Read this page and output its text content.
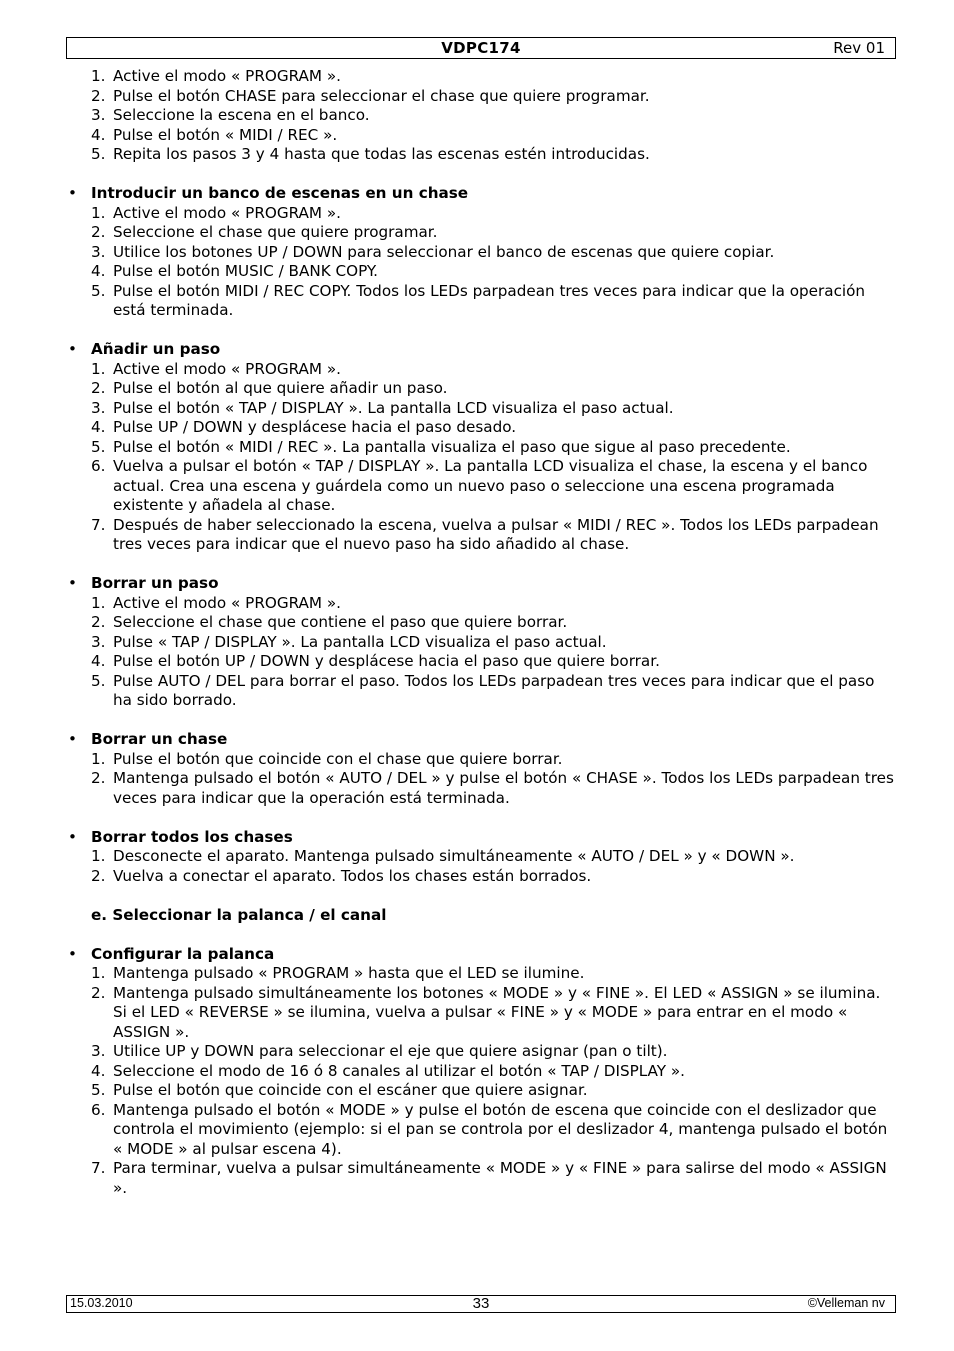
VDPC174	Rev 01
1. Active el modo « PROGRAM ».
2. Pulse el botón CHASE para seleccionar el chase que quiere programar.
3. Seleccione la escena en el banco.
4. Pulse el botón « MIDI / REC ».
5. Repita los pasos 3 y 4 hasta que todas las escenas estén introducidas.
• Introducir un banco de escenas en un chase
1. Active el modo « PROGRAM ».
2. Seleccione el chase que quiere programar.
3. Utilice los botones UP / DOWN para seleccionar el banco de escenas que quiere copiar.
4. Pulse el botón MUSIC / BANK COPY.
5. Pulse el botón MIDI / REC COPY. Todos los LEDs parpadean tres veces para indicar que la operación está terminada.
• Añadir un paso
1. Active el modo « PROGRAM ».
2. Pulse el botón al que quiere añadir un paso.
3. Pulse el botón « TAP / DISPLAY ». La pantalla LCD visualiza el paso actual.
4. Pulse UP / DOWN y desplácese hacia el paso desado.
5. Pulse el botón « MIDI / REC ». La pantalla visualiza el paso que sigue al paso precedente.
6. Vuelva a pulsar el botón « TAP / DISPLAY ». La pantalla LCD visualiza el chase, la escena y el banco actual. Crea una escena y guárdela como un nuevo paso o seleccione una escena programada existente y añadela al chase.
7. Después de haber seleccionado la escena, vuelva a pulsar « MIDI / REC ». Todos los LEDs parpadean tres veces para indicar que el nuevo paso ha sido añadido al chase.
• Borrar un paso
1. Active el modo « PROGRAM ».
2. Seleccione el chase que contiene el paso que quiere borrar.
3. Pulse « TAP / DISPLAY ». La pantalla LCD visualiza el paso actual.
4. Pulse el botón UP / DOWN y desplácese hacia el paso que quiere borrar.
5. Pulse AUTO / DEL para borrar el paso. Todos los LEDs parpadean tres veces para indicar que el paso ha sido borrado.
• Borrar un chase
1. Pulse el botón que coincide con el chase que quiere borrar.
2. Mantenga pulsado el botón « AUTO / DEL » y pulse el botón « CHASE ». Todos los LEDs parpadean tres veces para indicar que la operación está terminada.
• Borrar todos los chases
1. Desconecte el aparato. Mantenga pulsado simultáneamente « AUTO / DEL » y « DOWN ».
2. Vuelva a conectar el aparato. Todos los chases están borrados.
e. Seleccionar la palanca / el canal
• Configurar la palanca
1. Mantenga pulsado « PROGRAM » hasta que el LED se ilumine.
2. Mantenga pulsado simultáneamente los botones « MODE » y « FINE ». El LED « ASSIGN » se ilumina. Si el LED « REVERSE » se ilumina, vuelva a pulsar « FINE » y « MODE » para entrar en el modo « ASSIGN ».
3. Utilice UP y DOWN para seleccionar el eje que quiere asignar (pan o tilt).
4. Seleccione el modo de 16 ó 8 canales al utilizar el botón « TAP / DISPLAY ».
5. Pulse el botón que coincide con el escáner que quiere asignar.
6. Mantenga pulsado el botón « MODE » y pulse el botón de escena que coincide con el deslizador que controla el movimiento (ejemplo: si el pan se controla por el deslizador 4, mantenga pulsado el botón « MODE » al pulsar escena 4).
7. Para terminar, vuelva a pulsar simultáneamente « MODE » y « FINE » para salirse del modo « ASSIGN ».
15.03.2010	33	©Velleman nv
